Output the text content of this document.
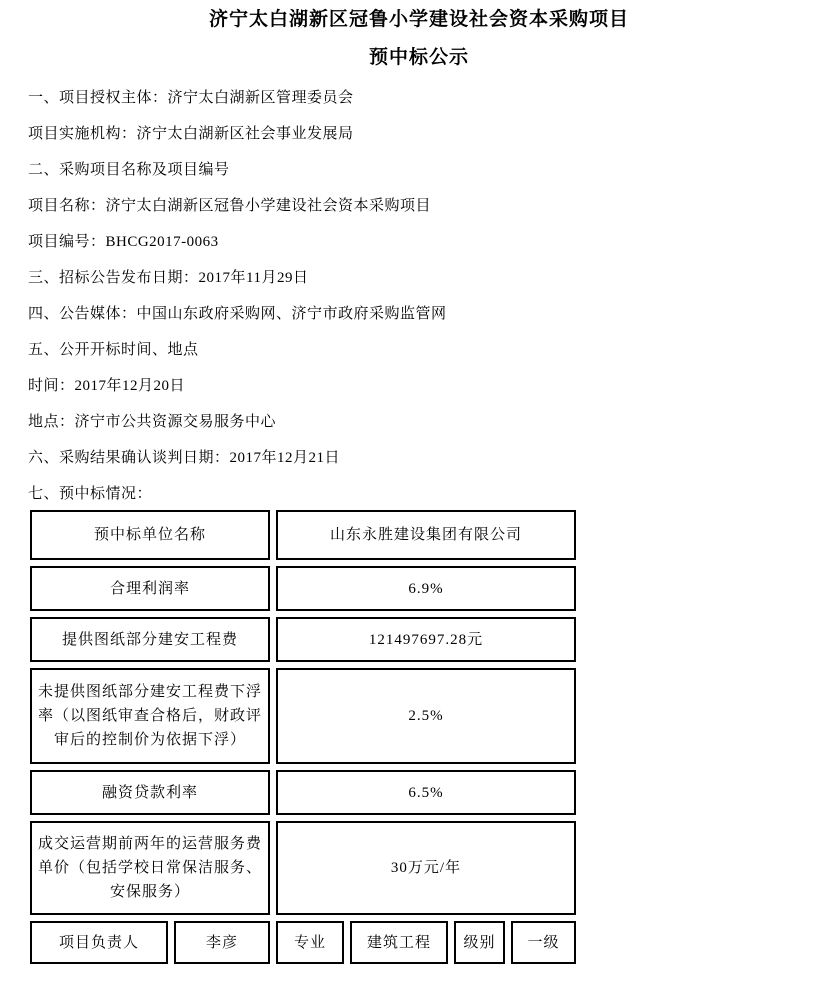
济宁太白湖新区冠鲁小学建设社会资本采购项目
预中标公示

一、项目授权主体：济宁太白湖新区管理委员会

项目实施机构：济宁太白湖新区社会事业发展局

二、采购项目名称及项目编号

项目名称：济宁太白湖新区冠鲁小学建设社会资本采购项目

项目编号：BHCG2017-0063

三、招标公告发布日期：2017年11月29日

四、公告媒体：中国山东政府采购网、济宁市政府采购监管网

五、公开开标时间、地点

时间：2017年12月20日

地点：济宁市公共资源交易服务中心

六、采购结果确认谈判日期：2017年12月21日

七、预中标情况：

预中标单位名称		山东永胜建设集团有限公司			
合理利润率		6.9%			
提供图纸部分建安工程费		121497697.28元			
未提供图纸部分建安工程费下浮率（以图纸审查合格后，财政评审后的控制价为依据下浮）		2.5%			
融资贷款利率		6.5%			
成交运营期前两年的运营服务费单价（包括学校日常保洁服务、安保服务）		30万元/年			
项目负责人	李彦	专业	建筑工程	级别	一级
